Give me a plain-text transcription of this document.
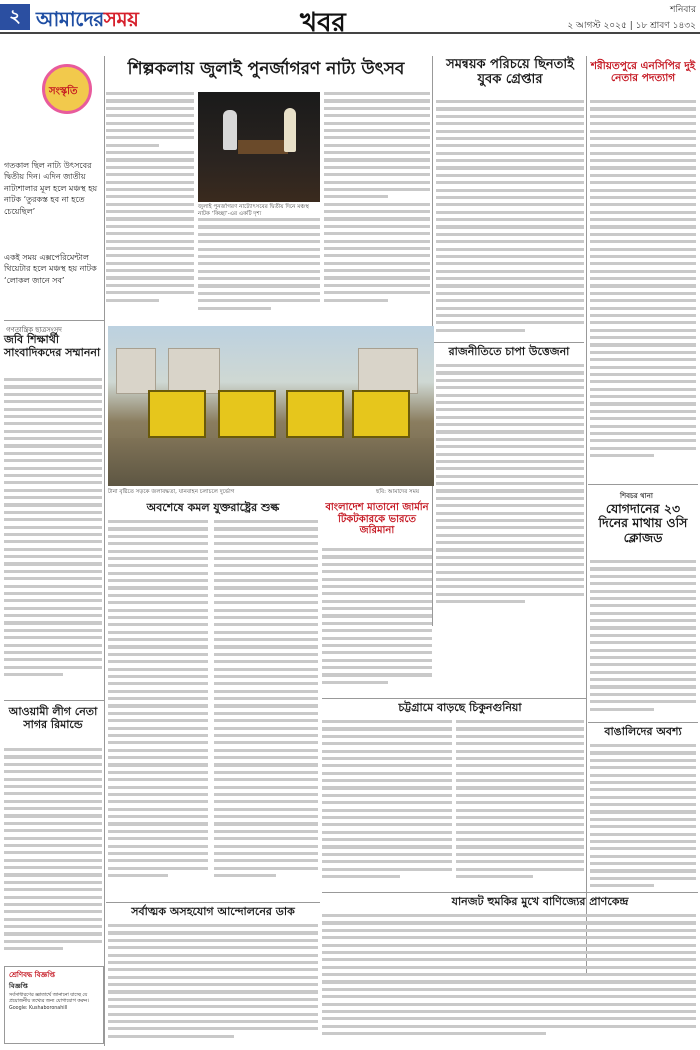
২ আমাদেরসময়	খবর	শনিবার
২ আগস্ট ২০২৫ | ১৮ শ্রাবণ ১৪৩২
সংস্কৃতি
শিল্পকলায় জুলাই পুনর্জাগরণ নাট্য উৎসব
জুলাই পুনর্জাগরণ নাট্যোৎসবের দ্বিতীয় দিনে মঞ্চস্থ নাটক ‘কিচ্ছা’-এর একটি দৃশ্য
গতকাল ছিল নাট্য উৎসবের দ্বিতীয় দিন। এদিন জাতীয় নাট্যশালার মূল হলে মঞ্চস্থ হয় নাটক ‘তুরকস্ত হব না হতে চেয়েছিল’
একই সময় এক্সপেরিমেন্টাল থিয়েটার হলে মঞ্চস্থ হয় নাটক ‘লোকল জানে সব’
সমন্বয়ক পরিচয়ে ছিনতাই যুবক গ্রেপ্তার
শরীয়তপুরে এনসিপির দুই নেতার পদত্যাগ
রাজনীতিতে চাপা উত্তেজনা
শিবচর থানা
যোগদানের ২৩ দিনের মাথায় ওসি ক্লোজড
গণতান্ত্রিক ছাত্রসংসদ
জবি শিক্ষার্থী সাংবাদিকদের সম্মাননা
টানা বৃষ্টিতে সড়কে জলাবদ্ধতা, যানবাহন চলাচলে দুর্ভোগ	ছবি: আমাদের সময়
অবশেষে কমল যুক্তরাষ্ট্রের শুল্ক	বাংলাদেশ মাতানো জার্মান টিকটকারকে ভারতে জরিমানা
চট্টগ্রামে বাড়ছে চিকুনগুনিয়া
আওয়ামী লীগ নেতা সাগর রিমান্ডে
বাঙালিদের অবশ্য
যানজট হুমকির মুখে বাণিজ্যের প্রাণকেন্দ্র
সর্বাত্মক অসহযোগ আন্দোলনের ডাক
শ্রেণিবদ্ধ বিজ্ঞপ্তি
বিজ্ঞপ্তি
সর্বসাধারণের জ্ঞাতার্থে জানানো যাচ্ছে যে প্রয়োজনীয় তথ্যের জন্য যোগাযোগ করুন। Google: Kushaboronahill
